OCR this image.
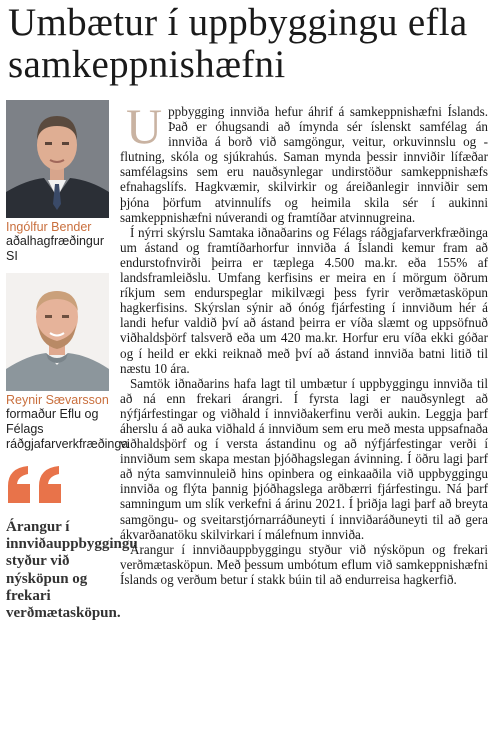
Umbætur í uppbyggingu efla samkeppnishæfni
Ingólfur Bender
aðalhagfræðingur SI
Reynir Sævarsson
formaður Eflu og Félags ráðgjafarverkfræðinga
Árangur í innviðauppbyggingu styður við nýsköpun og frekari verðmætasköpun.

Uppbygging innviða hefur áhrif á samkeppnishæfni Íslands. Það er óhugsandi að ímynda sér íslenskt samfélag án innviða á borð við samgöngur, veitur, orkuvinnslu og -flutning, skóla og sjúkrahús. Saman mynda þessir innviðir lífæðar samfélagsins sem eru nauðsynlegar undirstöður samkeppnishæfs efnahagslífs. Hagkvæmir, skilvirkir og áreiðanlegir innviðir sem þjóna þörfum atvinnulífs og heimila skila sér í aukinni samkeppnishæfni núverandi og framtíðar atvinnugreina.

Í nýrri skýrslu Samtaka iðnaðarins og Félags ráðgjafarverkfræðinga um ástand og framtíðarhorfur innviða á Íslandi kemur fram að endurstofnvirði þeirra er tæplega 4.500 ma.kr. eða 155% af landsframleiðslu. Umfang kerfisins er meira en í mörgum öðrum ríkjum sem endurspeglar mikilvægi þess fyrir verðmætasköpun hagkerfisins. Skýrslan sýnir að ónóg fjárfesting í innviðum hér á landi hefur valdið því að ástand þeirra er víða slæmt og uppsöfnuð viðhaldsþörf talsverð eða um 420 ma.kr. Horfur eru víða ekki góðar og í heild er ekki reiknað með því að ástand innviða batni litið til næstu 10 ára.

Samtök iðnaðarins hafa lagt til umbætur í uppbyggingu innviða til að ná enn frekari árangri. Í fyrsta lagi er nauðsynlegt að nýfjárfestingar og viðhald í innviðakerfinu verði aukin. Leggja þarf áherslu á að auka viðhald á innviðum sem eru með mesta uppsafnaða viðhaldsþörf og í versta ástandinu og að nýfjárfestingar verði í innviðum sem skapa mestan þjóðhagslegan ávinning. Í öðru lagi þarf að nýta samvinnuleið hins opinbera og einkaaðila við uppbyggingu innviða og flýta þannig þjóðhagslega arðbærri fjárfestingu. Ná þarf samningum um slík verkefni á árinu 2021. Í þriðja lagi þarf að breyta samgöngu- og sveitarstjórnarráðuneyti í innviðaráðuneyti til að gera ákvarðanatöku skilvirkari í málefnum innviða.

Árangur í innviðauppbyggingu styður við nýsköpun og frekari verðmætasköpun. Með þessum umbótum eflum við samkeppnishæfni Íslands og verðum betur í stakk búin til að endurreisa hagkerfið.
